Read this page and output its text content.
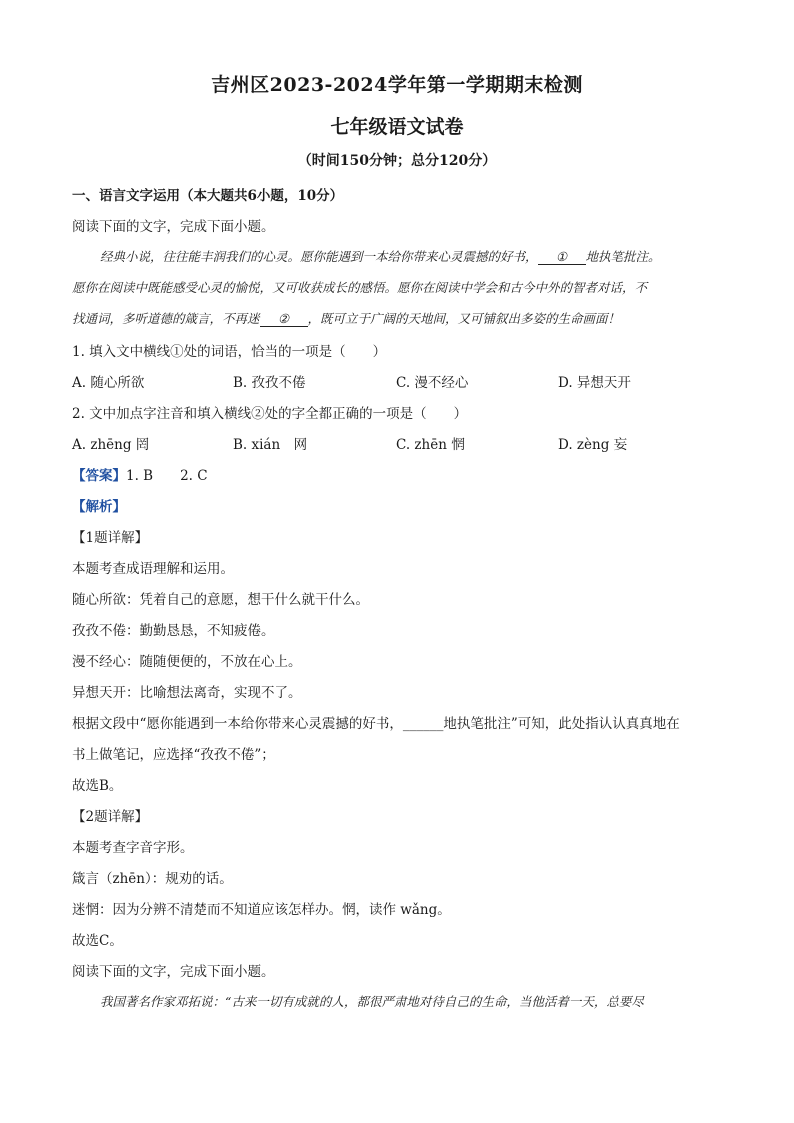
吉州区2023-2024学年第一学期期末检测
七年级语文试卷
（时间150分钟；总分120分）
一、语言文字运用（本大题共6小题，10分）
阅读下面的文字，完成下面小题。
经典小说，往往能丰润我们的心灵。愿你能遇到一本给你带来心灵震撼的好书， ① 地执笔批注。
愿你在阅读中既能感受心灵的愉悦，又可收获成长的感悟。愿你在阅读中学会和古今中外的智者对话，不
找通词，多听道德的箴言，不再迷 ② ，既可立于广阔的天地间，又可铺叙出多姿的生命画面！
1. 填入文中横线①处的词语，恰当的一项是（　　）
A. 随心所欲	B. 孜孜不倦	C. 漫不经心	D. 异想天开
2. 文中加点字注音和填入横线②处的字全都正确的一项是（　　）
A. zhēng 罔	B. xián　网	C. zhēn 惘	D. zèng 妄
【答案】1. B　　2. C
【解析】
【1题详解】
本题考查成语理解和运用。
随心所欲：凭着自己的意愿，想干什么就干什么。
孜孜不倦：勤勤恳恳，不知疲倦。
漫不经心：随随便便的，不放在心上。
异想天开：比喻想法离奇，实现不了。
根据文段中“愿你能遇到一本给你带来心灵震撼的好书，______地执笔批注”可知，此处指认认真真地在
书上做笔记，应选择“孜孜不倦”；
故选B。
【2题详解】
本题考查字音字形。
箴言（zhēn）：规劝的话。
迷惘：因为分辨不清楚而不知道应该怎样办。惘，读作 wǎng。
故选C。
阅读下面的文字，完成下面小题。
我国著名作家邓拓说：“古来一切有成就的人，都很严肃地对待自己的生命，当他活着一天，总要尽
